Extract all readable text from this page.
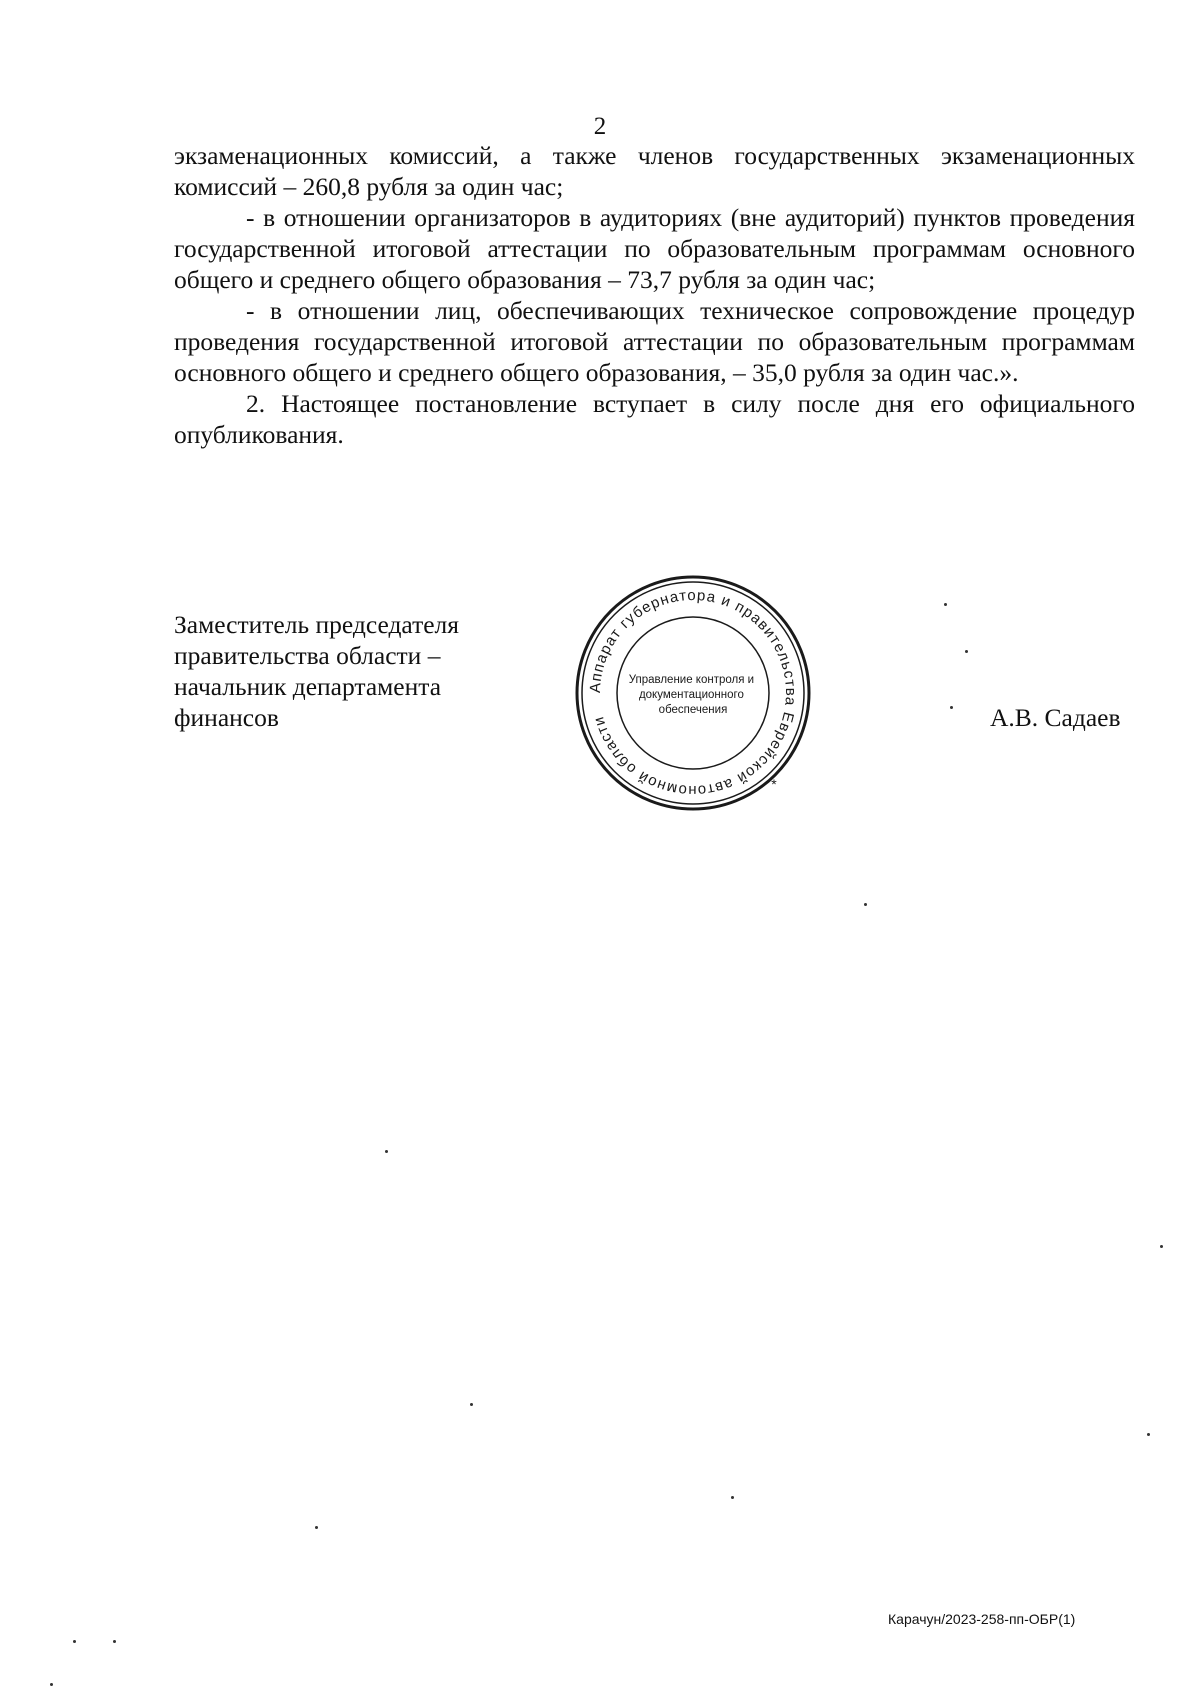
2

экзаменационных комиссий, а также членов государственных экзаменационных комиссий – 260,8 рубля за один час;

- в отношении организаторов в аудиториях (вне аудиторий) пунктов проведения государственной итоговой аттестации по образовательным программам основного общего и среднего общего образования – 73,7 рубля за один час;

- в отношении лиц, обеспечивающих техническое сопровождение процедур проведения государственной итоговой аттестации по образовательным программам основного общего и среднего общего образования, – 35,0 рубля за один час.».

2. Настоящее постановление вступает в силу после дня его официального опубликования.

Заместитель председателя
правительства области –
начальник департамента
финансов
Аппарат губернатора и правительства Еврейской автономной области
*
Управление контроля и документационного обеспечения	А.В. Садаев
Карачун/2023-258-пп-ОБР(1)
